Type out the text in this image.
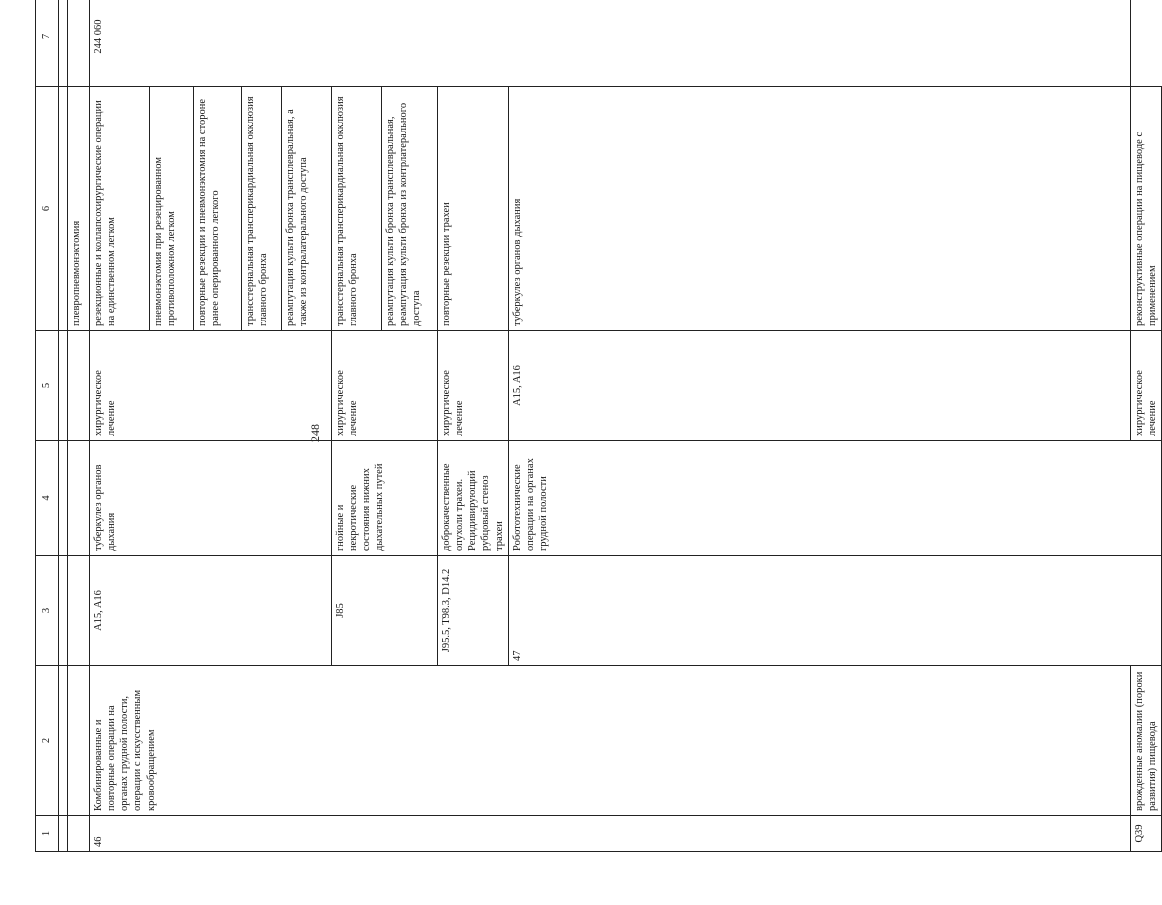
248
1	2	3	4	5	6	7	

					плевропневмонэктомия		
46	Комбинированные и повторные операции на органах грудной полости, операции с искусственным кровообращением	A15, A16	туберкулез органов дыхания	хирургическое лечение	резекционные и коллапсохирургические операции на единственном легком	244 060	
					пневмонэктомия при резецированном противоположном легком		
					повторные резекции и пневмонэктомия на стороне ранее оперированного легкого		
					трансстернальная трансперикардиальная окклюзия главного бронха		
					реампутация культи бронха трансплевральная, а также из контралатерального доступа		
		J85	гнойные и некротические состояния нижних дыхательных путей	хирургическое лечение	трансстернальная трансперикардиальная окклюзия главного бронха		
					реампутация культи бронха трансплевральная, реампутация культи бронха из контрлатерального доступа		
		J95.5, T98.3, D14.2	доброкачественные опухоли трахеи. Рецидивирующий рубцовый стеноз трахеи	хирургическое лечение	повторные резекции трахеи		
		47	Робототехнические операции на органах грудной полости	A15, A16	туберкулез органов дыхания			
Q39	врожденные аномалии (пороки развития) пищевода			хирургическое лечение	реконструктивные операции на пищеводе с применением		
